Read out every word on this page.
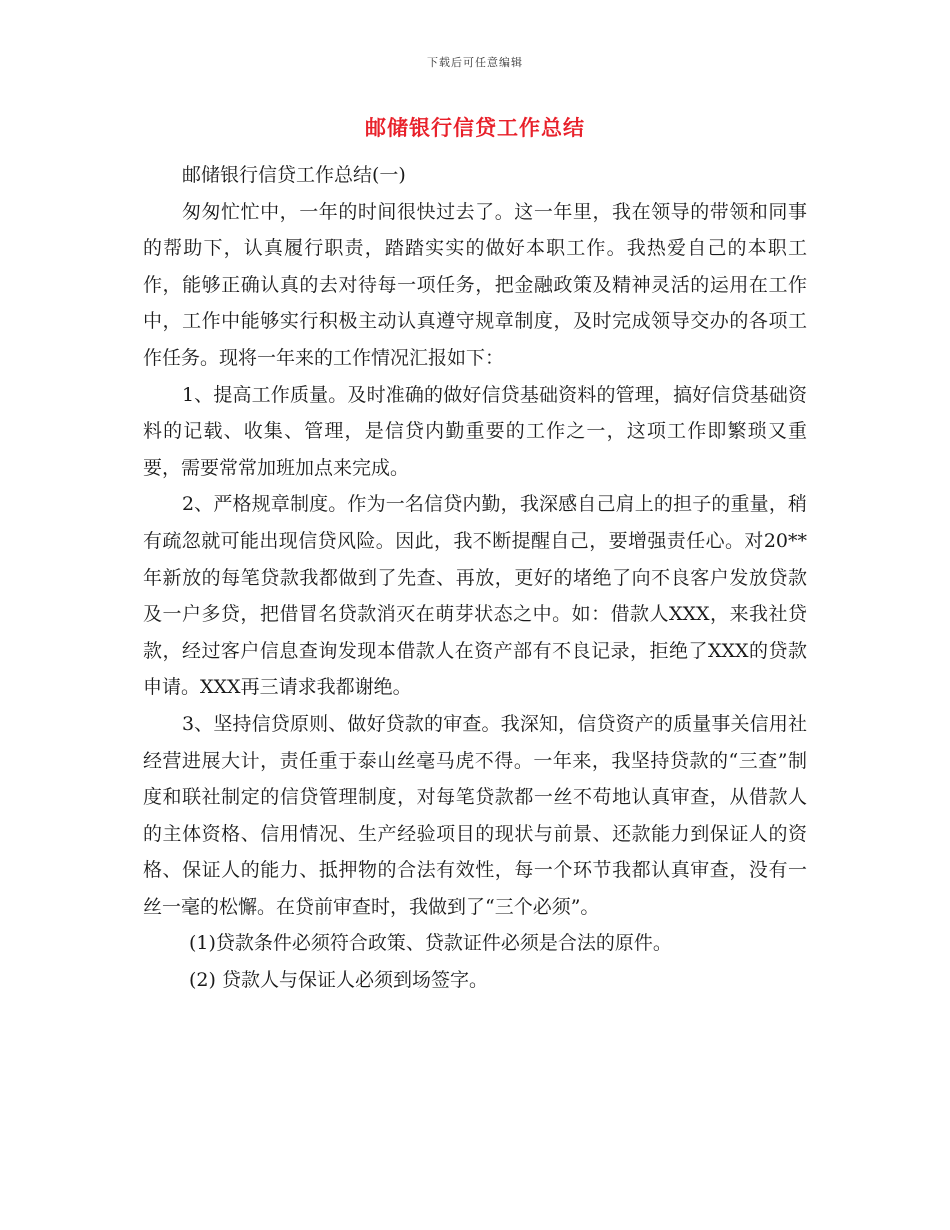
下载后可任意编辑
邮储银行信贷工作总结

邮储银行信贷工作总结(一)

匆匆忙忙中，一年的时间很快过去了。这一年里，我在领导的带领和同事的帮助下，认真履行职责，踏踏实实的做好本职工作。我热爱自己的本职工作，能够正确认真的去对待每一项任务，把金融政策及精神灵活的运用在工作中，工作中能够实行积极主动认真遵守规章制度，及时完成领导交办的各项工作任务。现将一年来的工作情况汇报如下：

1、提高工作质量。及时准确的做好信贷基础资料的管理，搞好信贷基础资料的记载、收集、管理，是信贷内勤重要的工作之一，这项工作即繁琐又重要，需要常常加班加点来完成。

2、严格规章制度。作为一名信贷内勤，我深感自己肩上的担子的重量，稍有疏忽就可能出现信贷风险。因此，我不断提醒自己，要增强责任心。对20**年新放的每笔贷款我都做到了先查、再放，更好的堵绝了向不良客户发放贷款及一户多贷，把借冒名贷款消灭在萌芽状态之中。如：借款人XXX，来我社贷款，经过客户信息查询发现本借款人在资产部有不良记录，拒绝了XXX的贷款申请。XXX再三请求我都谢绝。

3、坚持信贷原则、做好贷款的审查。我深知，信贷资产的质量事关信用社经营进展大计，责任重于泰山丝毫马虎不得。一年来，我坚持贷款的“三查”制度和联社制定的信贷管理制度，对每笔贷款都一丝不苟地认真审查，从借款人的主体资格、信用情况、生产经验项目的现状与前景、还款能力到保证人的资格、保证人的能力、抵押物的合法有效性，每一个环节我都认真审查，没有一丝一毫的松懈。在贷前审查时，我做到了“三个必须”。

(1)贷款条件必须符合政策、贷款证件必须是合法的原件。

(2) 贷款人与保证人必须到场签字。
